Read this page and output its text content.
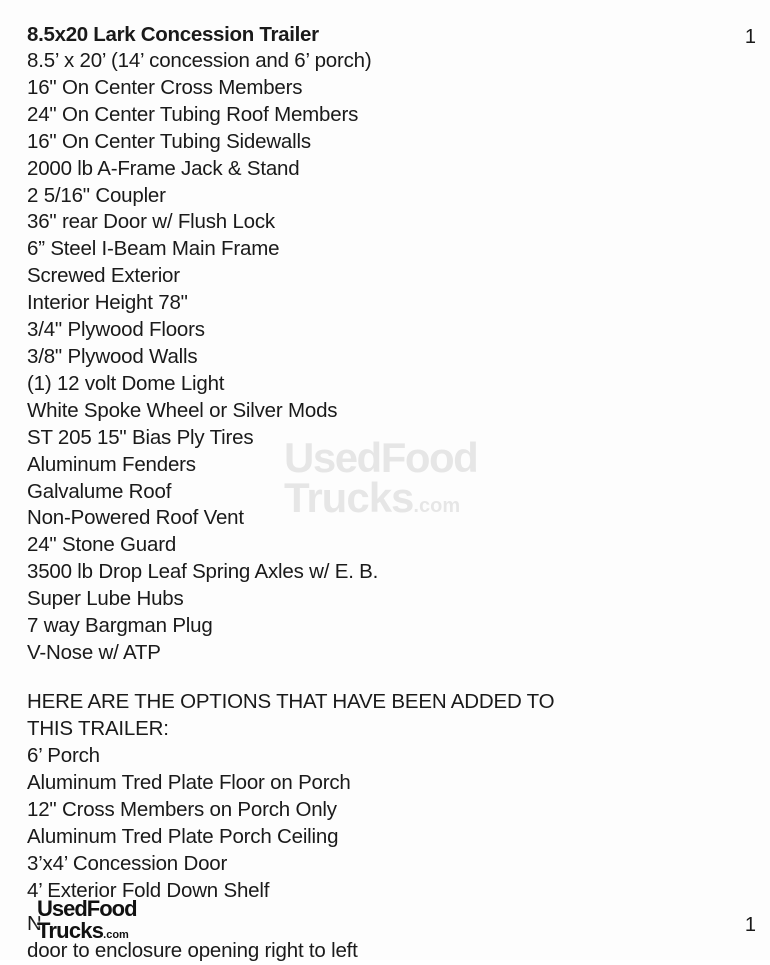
8.5x20 Lark Concession Trailer	1
8.5’ x 20’ (14’ concession and 6’ porch)
16" On Center Cross Members
24" On Center Tubing Roof Members
16" On Center Tubing Sidewalls
2000 lb A-Frame Jack & Stand
2 5/16" Coupler
36" rear Door w/ Flush Lock
6” Steel I-Beam Main Frame
Screwed Exterior
Interior Height 78"
3/4" Plywood Floors
3/8" Plywood Walls
(1) 12 volt Dome Light
White Spoke Wheel or Silver Mods
ST 205 15" Bias Ply Tires
Aluminum Fenders
Galvalume Roof
Non-Powered Roof Vent
24" Stone Guard
3500 lb Drop Leaf Spring Axles w/ E. B.
Super Lube Hubs
7 way Bargman Plug
V-Nose w/ ATP
HERE ARE THE OPTIONS THAT HAVE BEEN ADDED TO
THIS TRAILER:
6’ Porch
Aluminum Tred Plate Floor on Porch
12" Cross Members on Porch Only
Aluminum Tred Plate Porch Ceiling
3’x4’ Concession Door
4’ Exterior Fold Down Shelf
N
door to enclosure opening right to left
1
UsedFood
Trucks.com
UsedFood
Trucks.com
